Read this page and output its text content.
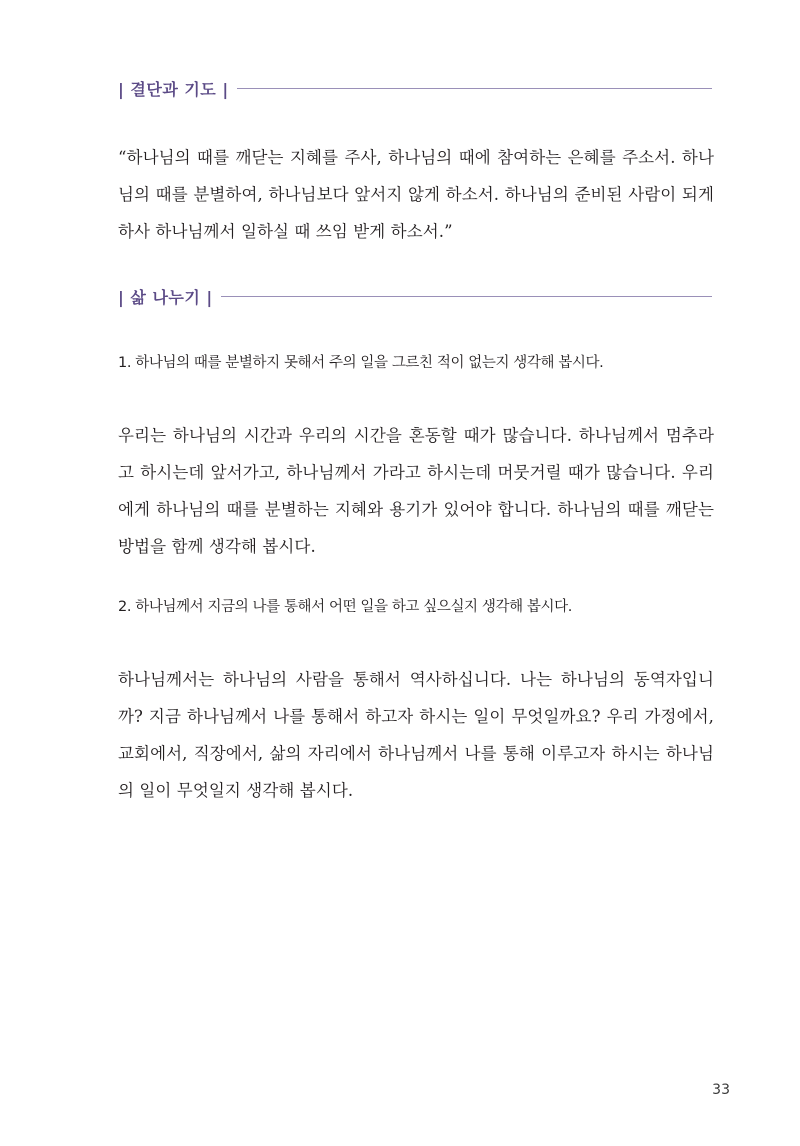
| 결단과 기도 |

“하나님의 때를 깨닫는 지혜를 주사, 하나님의 때에 참여하는 은혜를 주소서. 하나님의 때를 분별하여, 하나님보다 앞서지 않게 하소서. 하나님의 준비된 사람이 되게 하사 하나님께서 일하실 때 쓰임 받게 하소서.”

| 삶 나누기 |

1. 하나님의 때를 분별하지 못해서 주의 일을 그르친 적이 없는지 생각해 봅시다.

우리는 하나님의 시간과 우리의 시간을 혼동할 때가 많습니다. 하나님께서 멈추라고 하시는데 앞서가고, 하나님께서 가라고 하시는데 머뭇거릴 때가 많습니다. 우리에게 하나님의 때를 분별하는 지혜와 용기가 있어야 합니다. 하나님의 때를 깨닫는 방법을 함께 생각해 봅시다.

2. 하나님께서 지금의 나를 통해서 어떤 일을 하고 싶으실지 생각해 봅시다.

하나님께서는 하나님의 사람을 통해서 역사하십니다. 나는 하나님의 동역자입니까? 지금 하나님께서 나를 통해서 하고자 하시는 일이 무엇일까요? 우리 가정에서, 교회에서, 직장에서, 삶의 자리에서 하나님께서 나를 통해 이루고자 하시는 하나님의 일이 무엇일지 생각해 봅시다.

33
